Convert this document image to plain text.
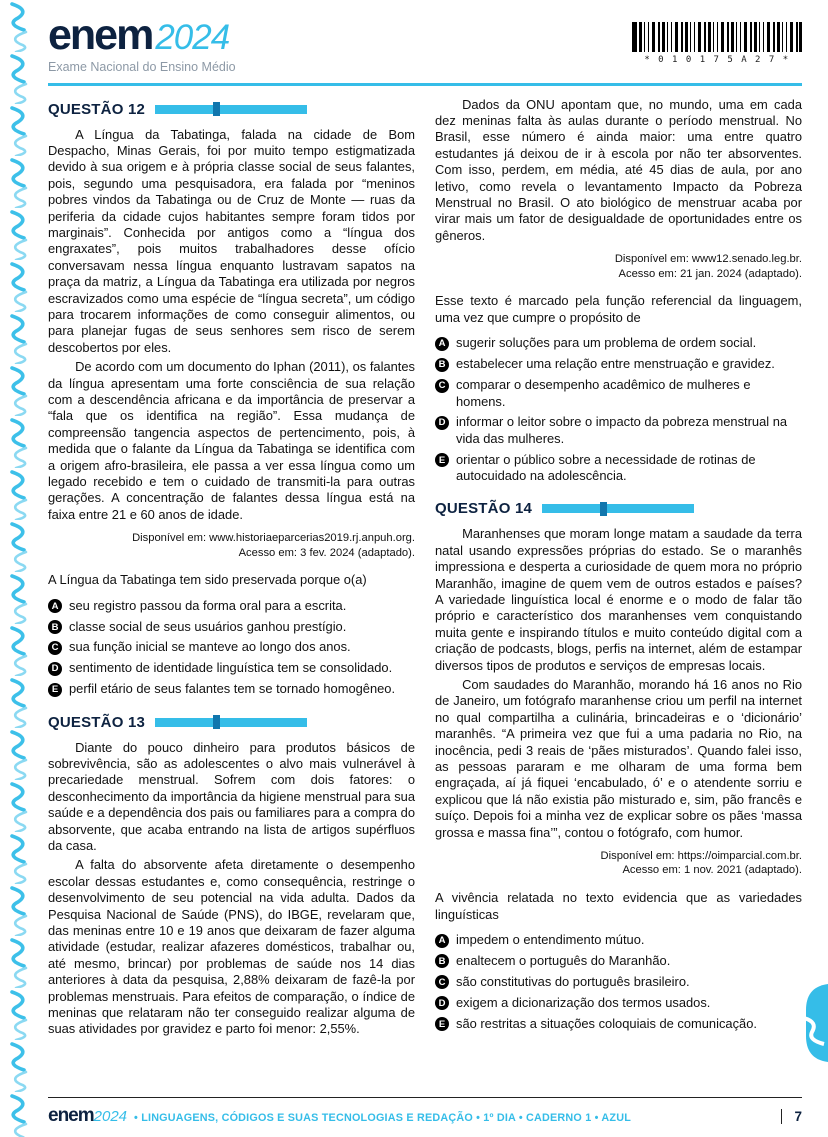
enem2024
Exame Nacional do Ensino Médio	* 0 1 0 1 7 5 A 2 7 *
QUESTÃO 12

A Língua da Tabatinga, falada na cidade de Bom Despacho, Minas Gerais, foi por muito tempo estigmatizada devido à sua origem e à própria classe social de seus falantes, pois, segundo uma pesquisadora, era falada por “meninos pobres vindos da Tabatinga ou de Cruz de Monte — ruas da periferia da cidade cujos habitantes sempre foram tidos por marginais”. Conhecida por antigos como a “língua dos engraxates”, pois muitos trabalhadores desse ofício conversavam nessa língua enquanto lustravam sapatos na praça da matriz, a Língua da Tabatinga era utilizada por negros escravizados como uma espécie de “língua secreta”, um código para trocarem informações de como conseguir alimentos, ou para planejar fugas de seus senhores sem risco de serem descobertos por eles.

De acordo com um documento do Iphan (2011), os falantes da língua apresentam uma forte consciência de sua relação com a descendência africana e da importância de preservar a “fala que os identifica na região”. Essa mudança de compreensão tangencia aspectos de pertencimento, pois, à medida que o falante da Língua da Tabatinga se identifica com a origem afro-brasileira, ele passa a ver essa língua como um legado recebido e tem o cuidado de transmiti-la para outras gerações. A concentração de falantes dessa língua está na faixa entre 21 e 60 anos de idade.

Disponível em: www.historiaeparcerias2019.rj.anpuh.org.
Acesso em: 3 fev. 2024 (adaptado).

A Língua da Tabatinga tem sido preservada porque o(a)

A seu registro passou da forma oral para a escrita.
B classe social de seus usuários ganhou prestígio.
C sua função inicial se manteve ao longo dos anos.
D sentimento de identidade linguística tem se consolidado.
E perfil etário de seus falantes tem se tornado homogêneo.
QUESTÃO 13

Diante do pouco dinheiro para produtos básicos de sobrevivência, são as adolescentes o alvo mais vulnerável à precariedade menstrual. Sofrem com dois fatores: o desconhecimento da importância da higiene menstrual para sua saúde e a dependência dos pais ou familiares para a compra do absorvente, que acaba entrando na lista de artigos supérfluos da casa.

A falta do absorvente afeta diretamente o desempenho escolar dessas estudantes e, como consequência, restringe o desenvolvimento de seu potencial na vida adulta. Dados da Pesquisa Nacional de Saúde (PNS), do IBGE, revelaram que, das meninas entre 10 e 19 anos que deixaram de fazer alguma atividade (estudar, realizar afazeres domésticos, trabalhar ou, até mesmo, brincar) por problemas de saúde nos 14 dias anteriores à data da pesquisa, 2,88% deixaram de fazê-la por problemas menstruais. Para efeitos de comparação, o índice de meninas que relataram não ter conseguido realizar alguma de suas atividades por gravidez e parto foi menor: 2,55%.

Dados da ONU apontam que, no mundo, uma em cada dez meninas falta às aulas durante o período menstrual. No Brasil, esse número é ainda maior: uma entre quatro estudantes já deixou de ir à escola por não ter absorventes. Com isso, perdem, em média, até 45 dias de aula, por ano letivo, como revela o levantamento Impacto da Pobreza Menstrual no Brasil. O ato biológico de menstruar acaba por virar mais um fator de desigualdade de oportunidades entre os gêneros.

Disponível em: www12.senado.leg.br.
Acesso em: 21 jan. 2024 (adaptado).

Esse texto é marcado pela função referencial da linguagem, uma vez que cumpre o propósito de

A sugerir soluções para um problema de ordem social.
B estabelecer uma relação entre menstruação e gravidez.
C comparar o desempenho acadêmico de mulheres e homens.
D informar o leitor sobre o impacto da pobreza menstrual na vida das mulheres.
E orientar o público sobre a necessidade de rotinas de autocuidado na adolescência.
QUESTÃO 14

Maranhenses que moram longe matam a saudade da terra natal usando expressões próprias do estado. Se o maranhês impressiona e desperta a curiosidade de quem mora no próprio Maranhão, imagine de quem vem de outros estados e países? A variedade linguística local é enorme e o modo de falar tão próprio e característico dos maranhenses vem conquistando muita gente e inspirando títulos e muito conteúdo digital com a criação de podcasts, blogs, perfis na internet, além de estampar diversos tipos de produtos e serviços de empresas locais.

Com saudades do Maranhão, morando há 16 anos no Rio de Janeiro, um fotógrafo maranhense criou um perfil na internet no qual compartilha a culinária, brincadeiras e o ‘dicionário’ maranhês. “A primeira vez que fui a uma padaria no Rio, na inocência, pedi 3 reais de ‘pães misturados’. Quando falei isso, as pessoas pararam e me olharam de uma forma bem engraçada, aí já fiquei ‘encabulado, ó’ e o atendente sorriu e explicou que lá não existia pão misturado e, sim, pão francês e suíço. Depois foi a minha vez de explicar sobre os pães ‘massa grossa e massa fina’”, contou o fotógrafo, com humor.

Disponível em: https://oimparcial.com.br.
Acesso em: 1 nov. 2021 (adaptado).

A vivência relatada no texto evidencia que as variedades linguísticas

A impedem o entendimento mútuo.
B enaltecem o português do Maranhão.
C são constitutivas do português brasileiro.
D exigem a dicionarização dos termos usados.
E são restritas a situações coloquiais de comunicação.
enem2024 • LINGUAGENS, CÓDIGOS E SUAS TECNOLOGIAS E REDAÇÃO • 1º DIA • CADERNO 1 • AZUL	7
